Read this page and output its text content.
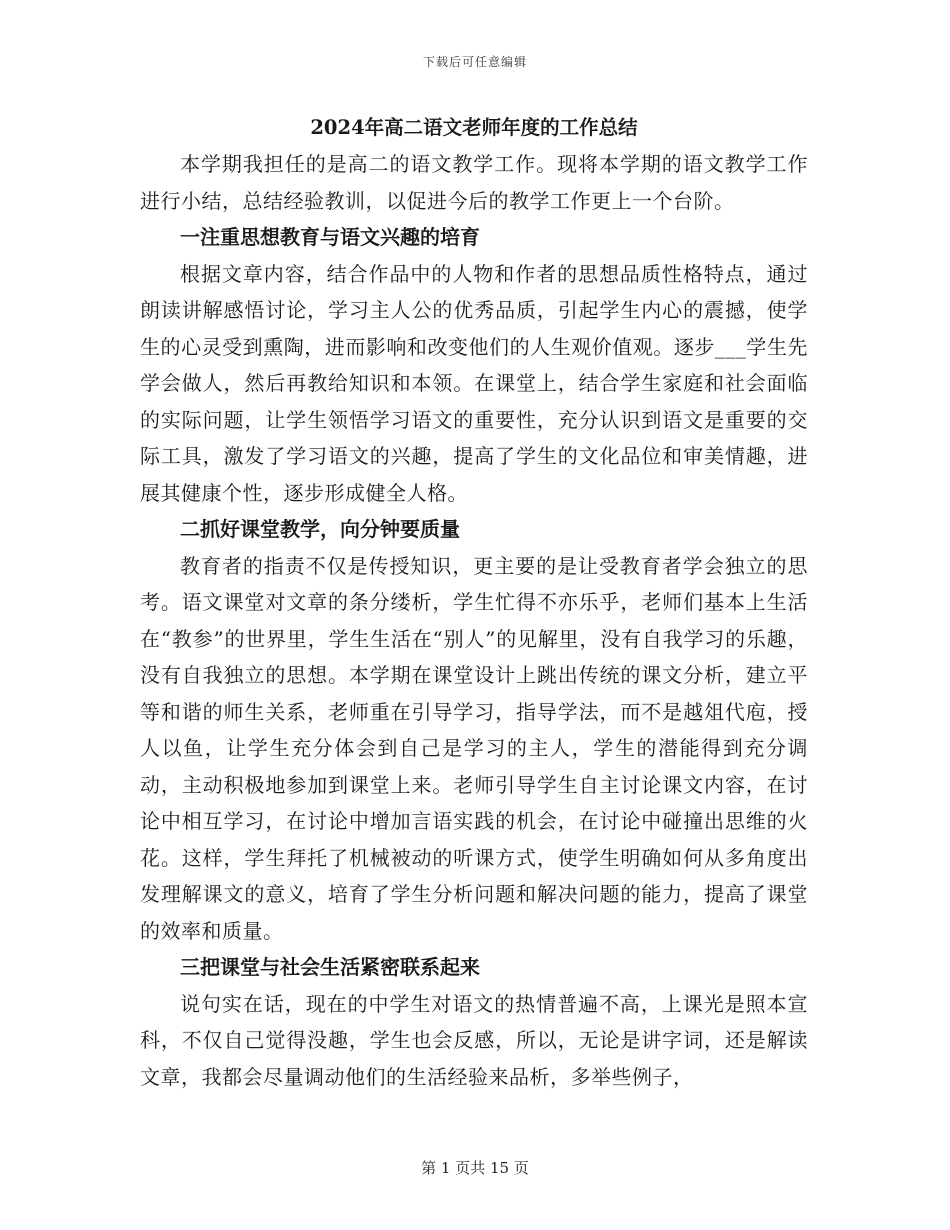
下载后可任意编辑
2024年高二语文老师年度的工作总结

本学期我担任的是高二的语文教学工作。现将本学期的语文教学工作进行小结，总结经验教训，以促进今后的教学工作更上一个台阶。

一注重思想教育与语文兴趣的培育

根据文章内容，结合作品中的人物和作者的思想品质性格特点，通过朗读讲解感悟讨论，学习主人公的优秀品质，引起学生内心的震撼，使学生的心灵受到熏陶，进而影响和改变他们的人生观价值观。逐步___学生先学会做人，然后再教给知识和本领。在课堂上，结合学生家庭和社会面临的实际问题，让学生领悟学习语文的重要性，充分认识到语文是重要的交际工具，激发了学习语文的兴趣，提高了学生的文化品位和审美情趣，进展其健康个性，逐步形成健全人格。

二抓好课堂教学，向分钟要质量

教育者的指责不仅是传授知识，更主要的是让受教育者学会独立的思考。语文课堂对文章的条分缕析，学生忙得不亦乐乎，老师们基本上生活在“教参”的世界里，学生生活在“别人”的见解里，没有自我学习的乐趣，没有自我独立的思想。本学期在课堂设计上跳出传统的课文分析，建立平等和谐的师生关系，老师重在引导学习，指导学法，而不是越俎代庖，授人以鱼，让学生充分体会到自己是学习的主人，学生的潜能得到充分调动，主动积极地参加到课堂上来。老师引导学生自主讨论课文内容，在讨论中相互学习，在讨论中增加言语实践的机会，在讨论中碰撞出思维的火花。这样，学生拜托了机械被动的听课方式，使学生明确如何从多角度出发理解课文的意义，培育了学生分析问题和解决问题的能力，提高了课堂的效率和质量。

三把课堂与社会生活紧密联系起来

说句实在话，现在的中学生对语文的热情普遍不高，上课光是照本宣科，不仅自己觉得没趣，学生也会反感，所以，无论是讲字词，还是解读文章，我都会尽量调动他们的生活经验来品析，多举些例子，

第 1 页共 15 页
